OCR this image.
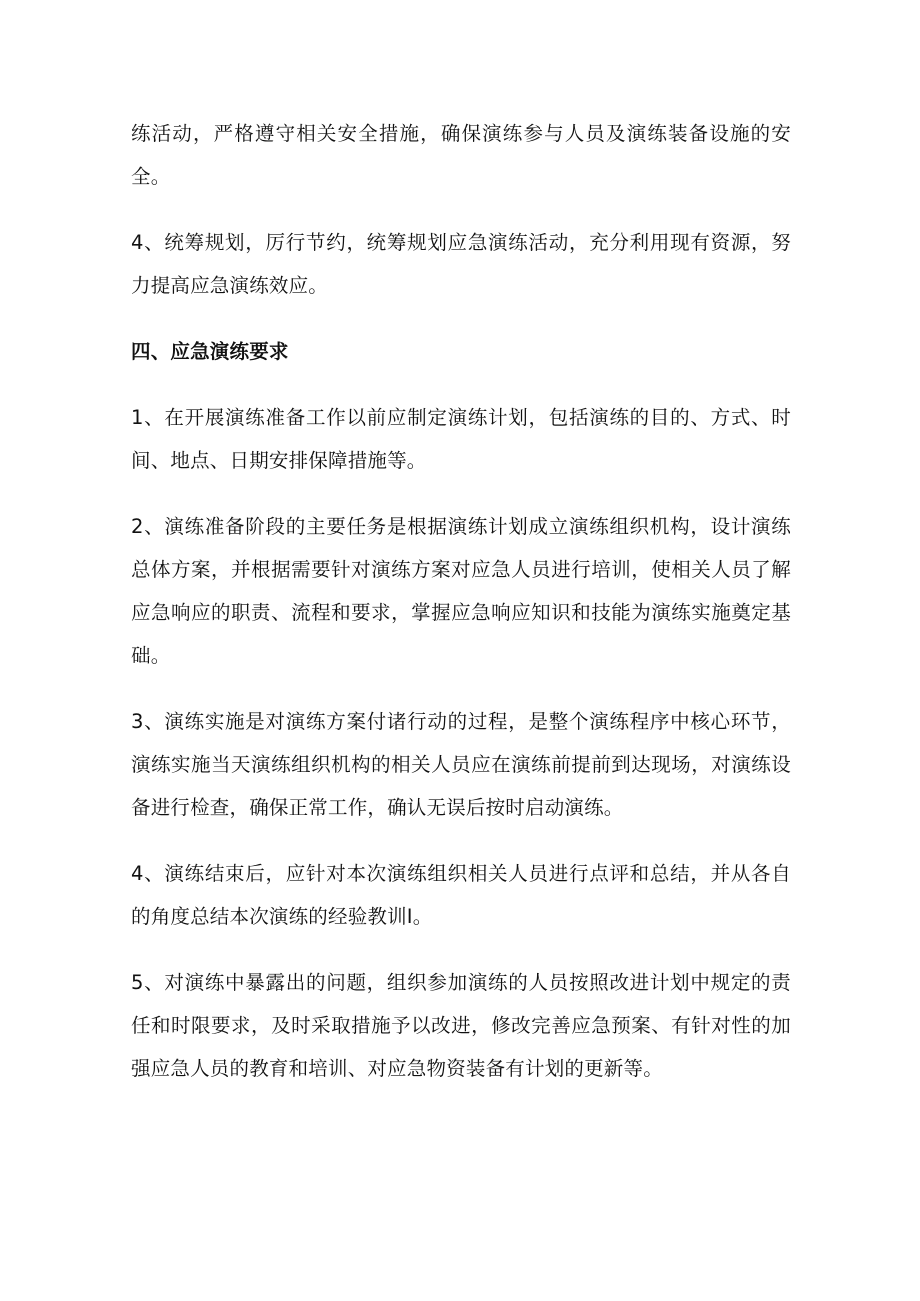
练活动，严格遵守相关安全措施，确保演练参与人员及演练装备设施的安全。

4、统筹规划，厉行节约，统筹规划应急演练活动，充分利用现有资源，努力提高应急演练效应。

四、应急演练要求

1、在开展演练准备工作以前应制定演练计划，包括演练的目的、方式、时间、地点、日期安排保障措施等。

2、演练准备阶段的主要任务是根据演练计划成立演练组织机构，设计演练总体方案，并根据需要针对演练方案对应急人员进行培训，使相关人员了解应急响应的职责、流程和要求，掌握应急响应知识和技能为演练实施奠定基础。

3、演练实施是对演练方案付诸行动的过程，是整个演练程序中核心环节，演练实施当天演练组织机构的相关人员应在演练前提前到达现场，对演练设备进行检查，确保正常工作，确认无误后按时启动演练。

4、演练结束后，应针对本次演练组织相关人员进行点评和总结，并从各自的角度总结本次演练的经验教训I。

5、对演练中暴露出的问题，组织参加演练的人员按照改进计划中规定的责任和时限要求，及时采取措施予以改进，修改完善应急预案、有针对性的加强应急人员的教育和培训、对应急物资装备有计划的更新等。
